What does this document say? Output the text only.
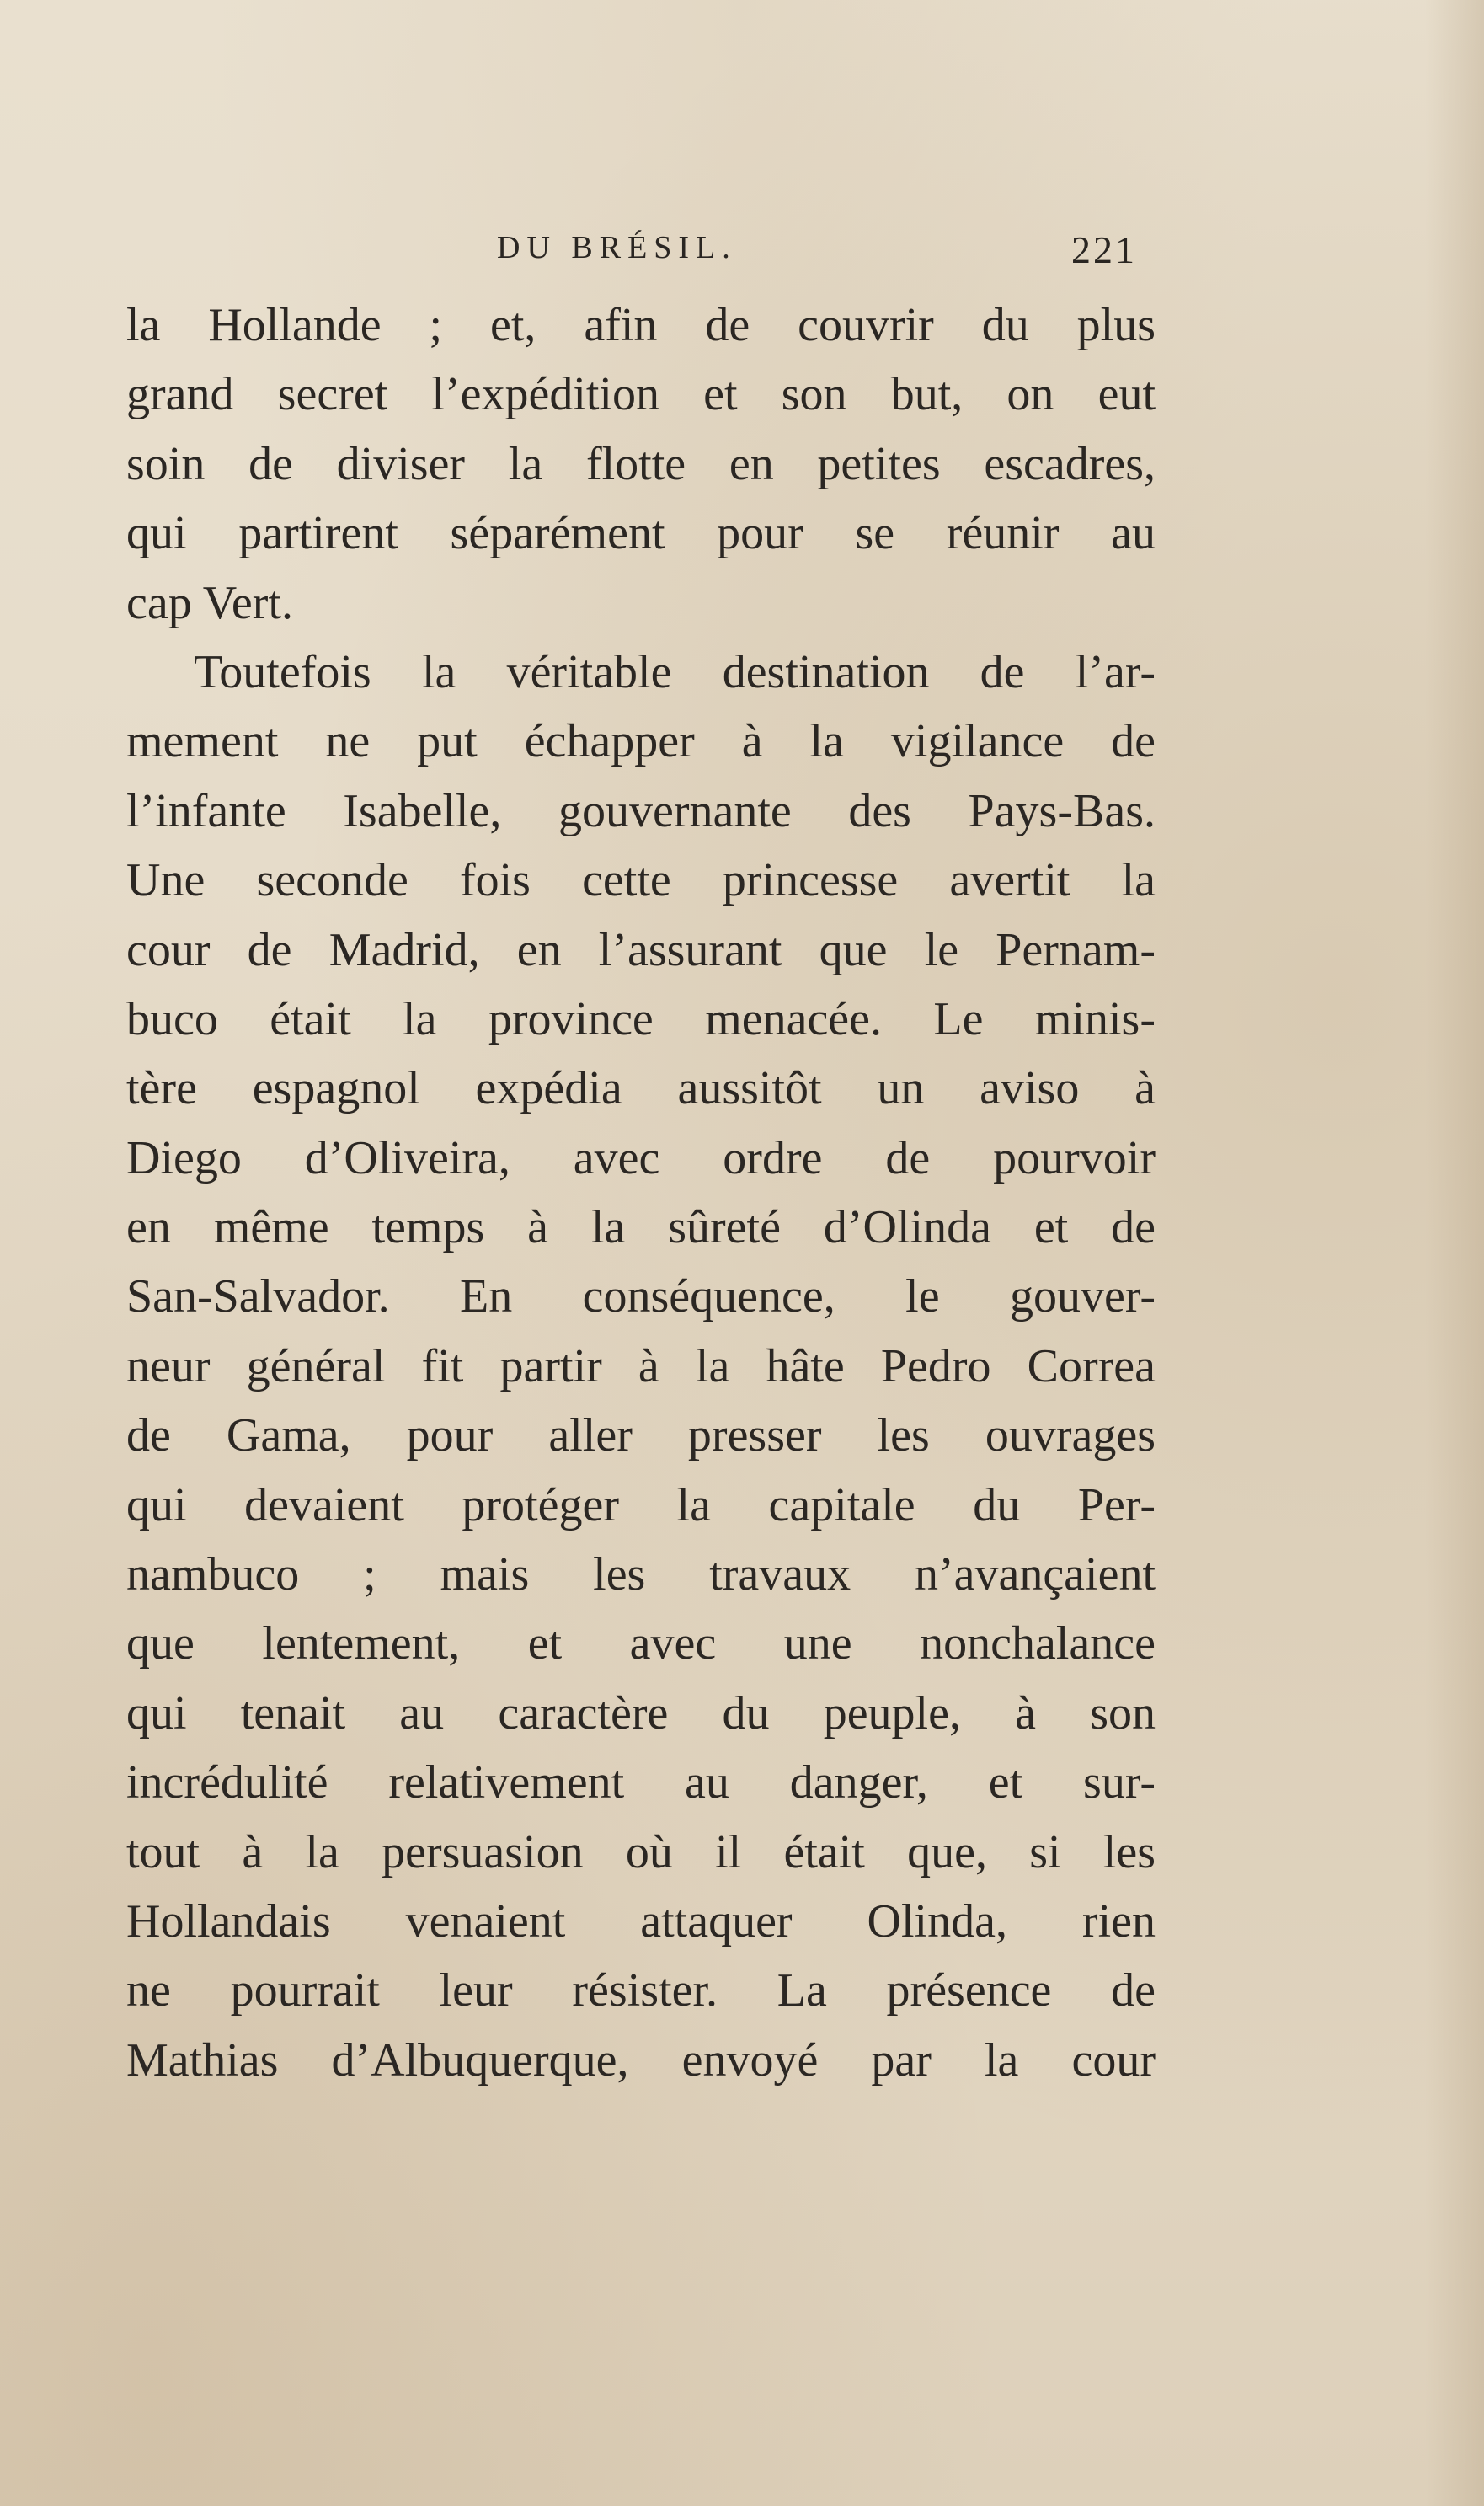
DU BRÉSIL.	221
la Hollande ; et, afin de couvrir du plus
grand secret l’expédition et son but, on eut
soin de diviser la flotte en petites escadres,
qui partirent séparément pour se réunir au
cap Vert.
Toutefois la véritable destination de l’ar-
mement ne put échapper à la vigilance de
l’infante Isabelle, gouvernante des Pays-Bas.
Une seconde fois cette princesse avertit la
cour de Madrid, en l’assurant que le Pernam-
buco était la province menacée. Le minis-
tère espagnol expédia aussitôt un aviso à
Diego d’Oliveira, avec ordre de pourvoir
en même temps à la sûreté d’Olinda et de
San-Salvador. En conséquence, le gouver-
neur général fit partir à la hâte Pedro Correa
de Gama, pour aller presser les ouvrages
qui devaient protéger la capitale du Per-
nambuco ; mais les travaux n’avançaient
que lentement, et avec une nonchalance
qui tenait au caractère du peuple, à son
incrédulité relativement au danger, et sur-
tout à la persuasion où il était que, si les
Hollandais venaient attaquer Olinda, rien
ne pourrait leur résister. La présence de
Mathias d’Albuquerque, envoyé par la cour
